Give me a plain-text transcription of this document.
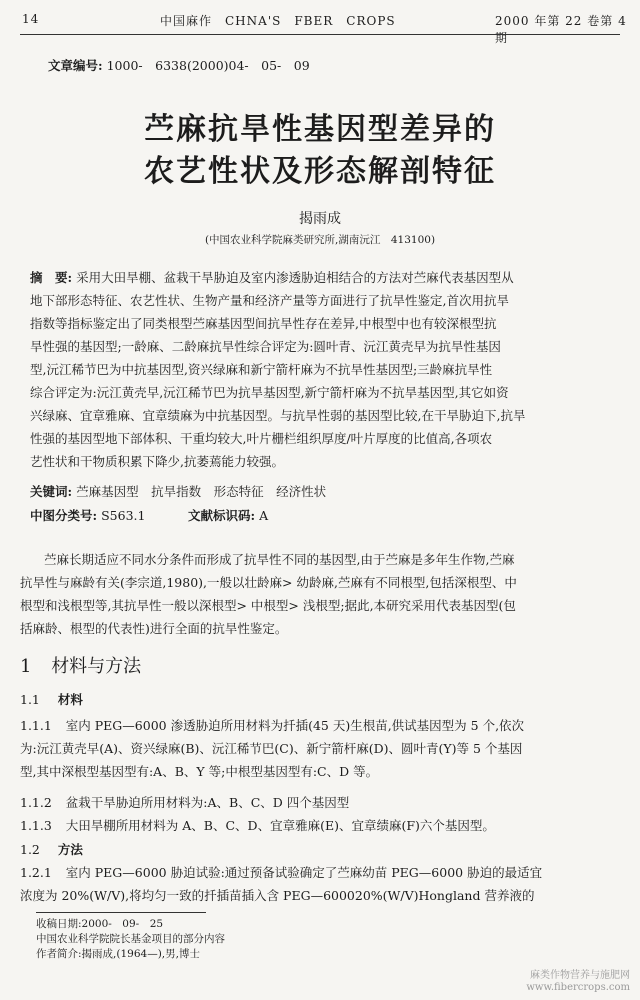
14	中国麻作　CHNA'S　FBER　CROPS	2000 年第 22 卷第 4 期
文章编号: 1000-　6338(2000)04-　05-　09
苎麻抗旱性基因型差异的
农艺性状及形态解剖特征
揭雨成
(中国农业科学院麻类研究所,湖南沅江　413100)
摘　要: 采用大田旱棚、盆栽干旱胁迫及室内渗透胁迫相结合的方法对苎麻代表基因型从
地下部形态特征、农艺性状、生物产量和经济产量等方面进行了抗旱性鉴定,首次用抗旱
指数等指标鉴定出了同类根型苎麻基因型间抗旱性存在差异,中根型中也有较深根型抗
旱性强的基因型;一龄麻、二龄麻抗旱性综合评定为:圆叶青、沅江黄壳早为抗旱性基因
型,沅江稀节巴为中抗基因型,资兴绿麻和新宁箭杆麻为不抗旱性基因型;三龄麻抗旱性
综合评定为:沅江黄壳早,沅江稀节巴为抗旱基因型,新宁箭杆麻为不抗旱基因型,其它如资
兴绿麻、宜章雅麻、宜章绩麻为中抗基因型。与抗旱性弱的基因型比较,在干旱胁迫下,抗旱
性强的基因型地下部体积、干重均较大,叶片栅栏组织厚度/叶片厚度的比值高,各项农
艺性状和干物质积累下降少,抗萎蔫能力较强。
关键词: 苎麻基因型　抗旱指数　形态特征　经济性状
中图分类号: S563.1	文献标识码: A
苎麻长期适应不同水分条件而形成了抗旱性不同的基因型,由于苎麻是多年生作物,苎麻
抗旱性与麻龄有关(李宗道,1980),一般以壮龄麻> 幼龄麻,苎麻有不同根型,包括深根型、中
根型和浅根型等,其抗旱性一般以深根型> 中根型> 浅根型;据此,本研究采用代表基因型(包
括麻龄、根型的代表性)进行全面的抗旱性鉴定。
1 材料与方法
1.1 材料
1.1.1 室内 PEG—6000 渗透胁迫所用材料为扦插(45 天)生根苗,供试基因型为 5 个,依次
为:沅江黄壳早(A)、资兴绿麻(B)、沅江稀节巴(C)、新宁箭杆麻(D)、圆叶青(Y)等 5 个基因
型,其中深根型基因型有:A、B、Y 等;中根型基因型有:C、D 等。
1.1.2 盆栽干旱胁迫所用材料为:A、B、C、D 四个基因型
1.1.3 大田旱棚所用材料为 A、B、C、D、宜章雅麻(E)、宜章绩麻(F)六个基因型。
1.2 方法
1.2.1 室内 PEG—6000 胁迫试验:通过预备试验确定了苎麻幼苗 PEG—6000 胁迫的最适宜
浓度为 20%(W/V),将均匀一致的扦插苗插入含 PEG—600020%(W/V)Hongland 营养液的
收稿日期:2000-　09-　25
中国农业科学院院长基金项目的部分内容
作者简介:揭雨成,(1964—),男,博士
麻类作物营养与施肥网
www.fibercrops.com
